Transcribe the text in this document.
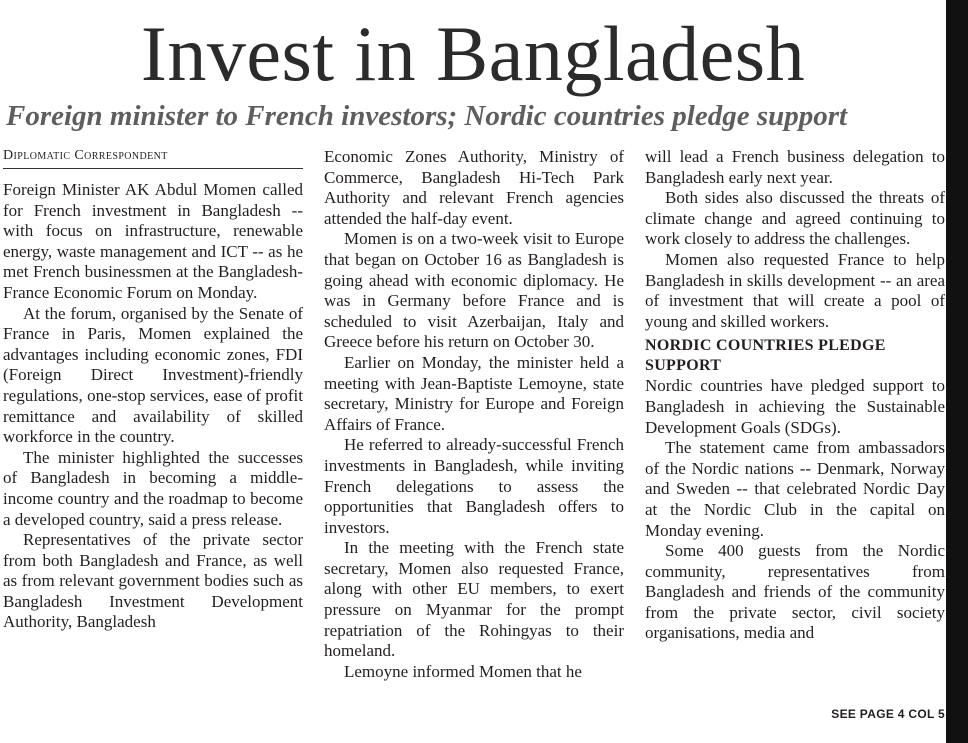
Invest in Bangladesh
Foreign minister to French investors; Nordic countries pledge support
Diplomatic Correspondent

Foreign Minister AK Abdul Momen called for French investment in Bangladesh -- with focus on infrastructure, renewable energy, waste management and ICT -- as he met French businessmen at the Bangladesh-France Economic Forum on Monday.

At the forum, organised by the Senate of France in Paris, Momen explained the advantages including economic zones, FDI (Foreign Direct Investment)-friendly regulations, one-stop services, ease of profit remittance and availability of skilled workforce in the country.

The minister highlighted the successes of Bangladesh in becoming a middle-income country and the roadmap to become a developed country, said a press release.

Representatives of the private sector from both Bangladesh and France, as well as from relevant government bodies such as Bangladesh Investment Development Authority, Bangladesh

Economic Zones Authority, Ministry of Commerce, Bangladesh Hi-Tech Park Authority and relevant French agencies attended the half-day event.

Momen is on a two-week visit to Europe that began on October 16 as Bangladesh is going ahead with economic diplomacy. He was in Germany before France and is scheduled to visit Azerbaijan, Italy and Greece before his return on October 30.

Earlier on Monday, the minister held a meeting with Jean-Baptiste Lemoyne, state secretary, Ministry for Europe and Foreign Affairs of France.

He referred to already-successful French investments in Bangladesh, while inviting French delegations to assess the opportunities that Bangladesh offers to investors.

In the meeting with the French state secretary, Momen also requested France, along with other EU members, to exert pressure on Myanmar for the prompt repatriation of the Rohingyas to their homeland.

Lemoyne informed Momen that he

will lead a French business delegation to Bangladesh early next year.

Both sides also discussed the threats of climate change and agreed continuing to work closely to address the challenges.

Momen also requested France to help Bangladesh in skills development -- an area of investment that will create a pool of young and skilled workers.

NORDIC COUNTRIES PLEDGE SUPPORT

Nordic countries have pledged support to Bangladesh in achieving the Sustainable Development Goals (SDGs).

The statement came from ambassadors of the Nordic nations -- Denmark, Norway and Sweden -- that celebrated Nordic Day at the Nordic Club in the capital on Monday evening.

Some 400 guests from the Nordic community, representatives from Bangladesh and friends of the community from the private sector, civil society organisations, media and

SEE PAGE 4 COL 5
